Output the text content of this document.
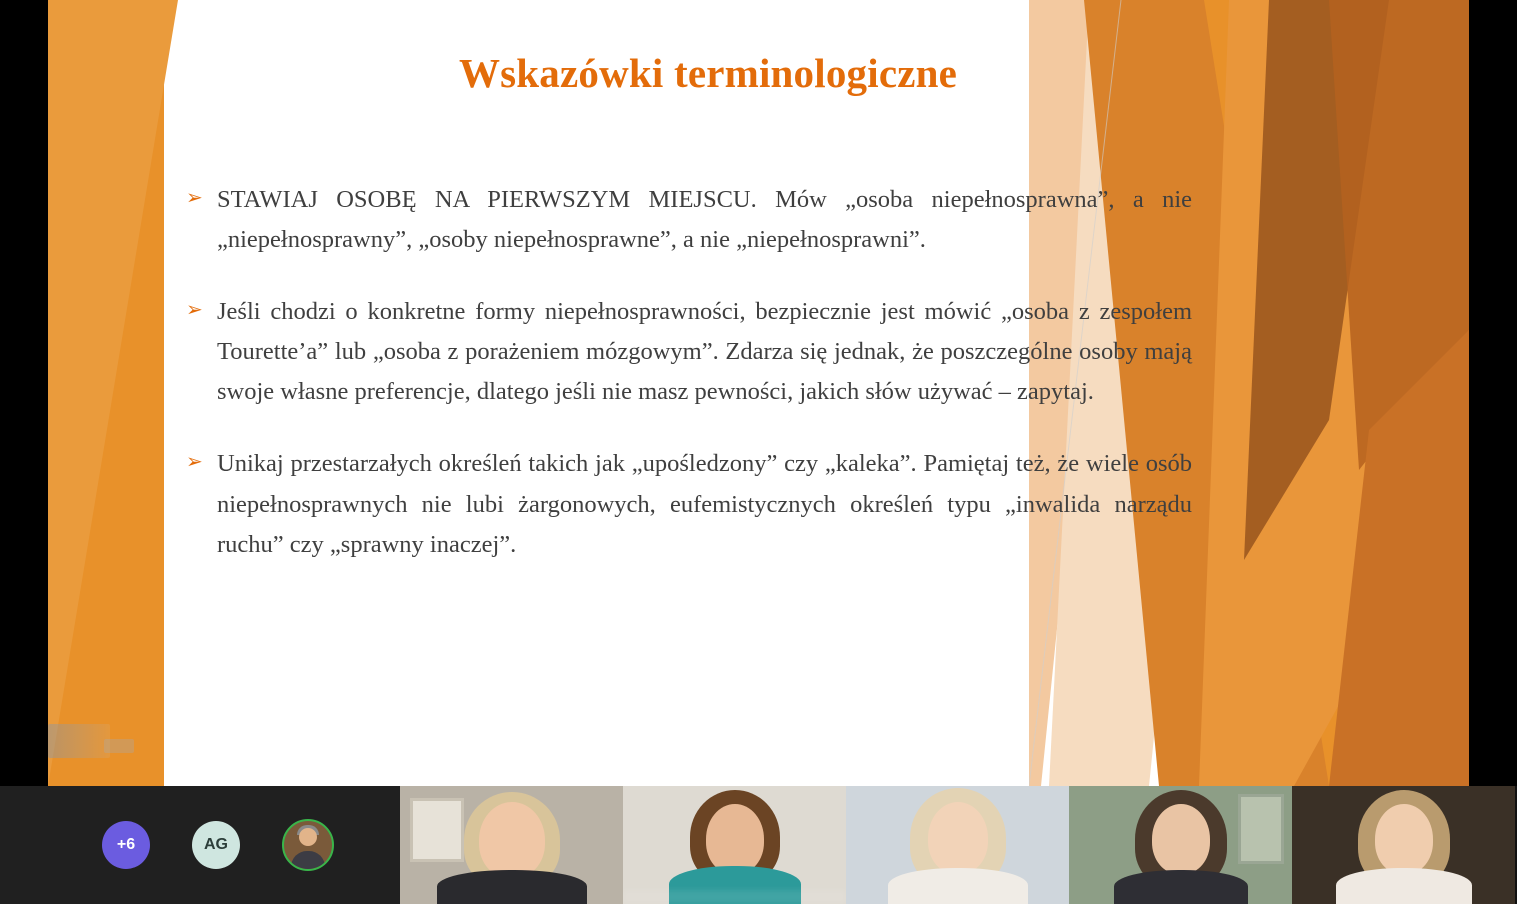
Wskazówki terminologiczne

➢ STAWIAJ OSOBĘ NA PIERWSZYM MIEJSCU. Mów „osoba niepełnosprawna”, a nie „niepełnosprawny”, „osoby niepełnosprawne”, a nie „niepełnosprawni”.

➢ Jeśli chodzi o konkretne formy niepełnosprawności, bezpiecznie jest mówić „osoba z zespołem Tourette’a” lub „osoba z porażeniem mózgowym”. Zdarza się jednak, że poszczególne osoby mają swoje własne preferencje, dlatego jeśli nie masz pewności, jakich słów używać – zapytaj.

➢ Unikaj przestarzałych określeń takich jak „upośledzony” czy „kaleka”. Pamiętaj też, że wiele osób niepełnosprawnych nie lubi żargonowych, eufemistycznych określeń typu „inwalida narządu ruchu” czy „sprawny inaczej”.

+6	AG
